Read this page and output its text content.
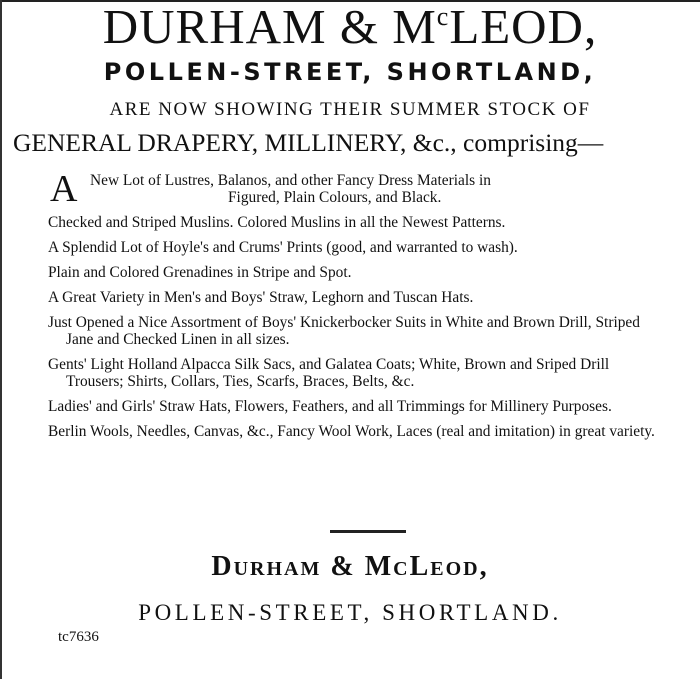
DURHAM & $M^cLEOD$,
POLLEN-STREET, SHORTLAND,
ARE NOW SHOWING THEIR SUMMER STOCK OF
GENERAL DRAPERY, MILLINERY, &c., comprising—
A New Lot of Lustres, Balanos, and other Fancy Dress Materials in
Figured, Plain Colours, and Black.
Checked and Striped Muslins. Colored Muslins in all the Newest Patterns.
A Splendid Lot of Hoyle's and Crums' Prints (good, and warranted to wash).
Plain and Colored Grenadines in Stripe and Spot.
A Great Variety in Men's and Boys' Straw, Leghorn and Tuscan Hats.
Just Opened a Nice Assortment of Boys' Knickerbocker Suits in White and Brown Drill, Striped Jane and Checked Linen in all sizes.
Gents' Light Holland Alpacca Silk Sacs, and Galatea Coats; White, Brown and Sriped Drill Trousers; Shirts, Collars, Ties, Scarfs, Braces, Belts, &c.
Ladies' and Girls' Straw Hats, Flowers, Feathers, and all Trimmings for Millinery Purposes.
Berlin Wools, Needles, Canvas, &c., Fancy Wool Work, Laces (real and imitation) in great variety.
Durham & McLeod,
POLLEN-STREET, SHORTLAND.
tc7636
